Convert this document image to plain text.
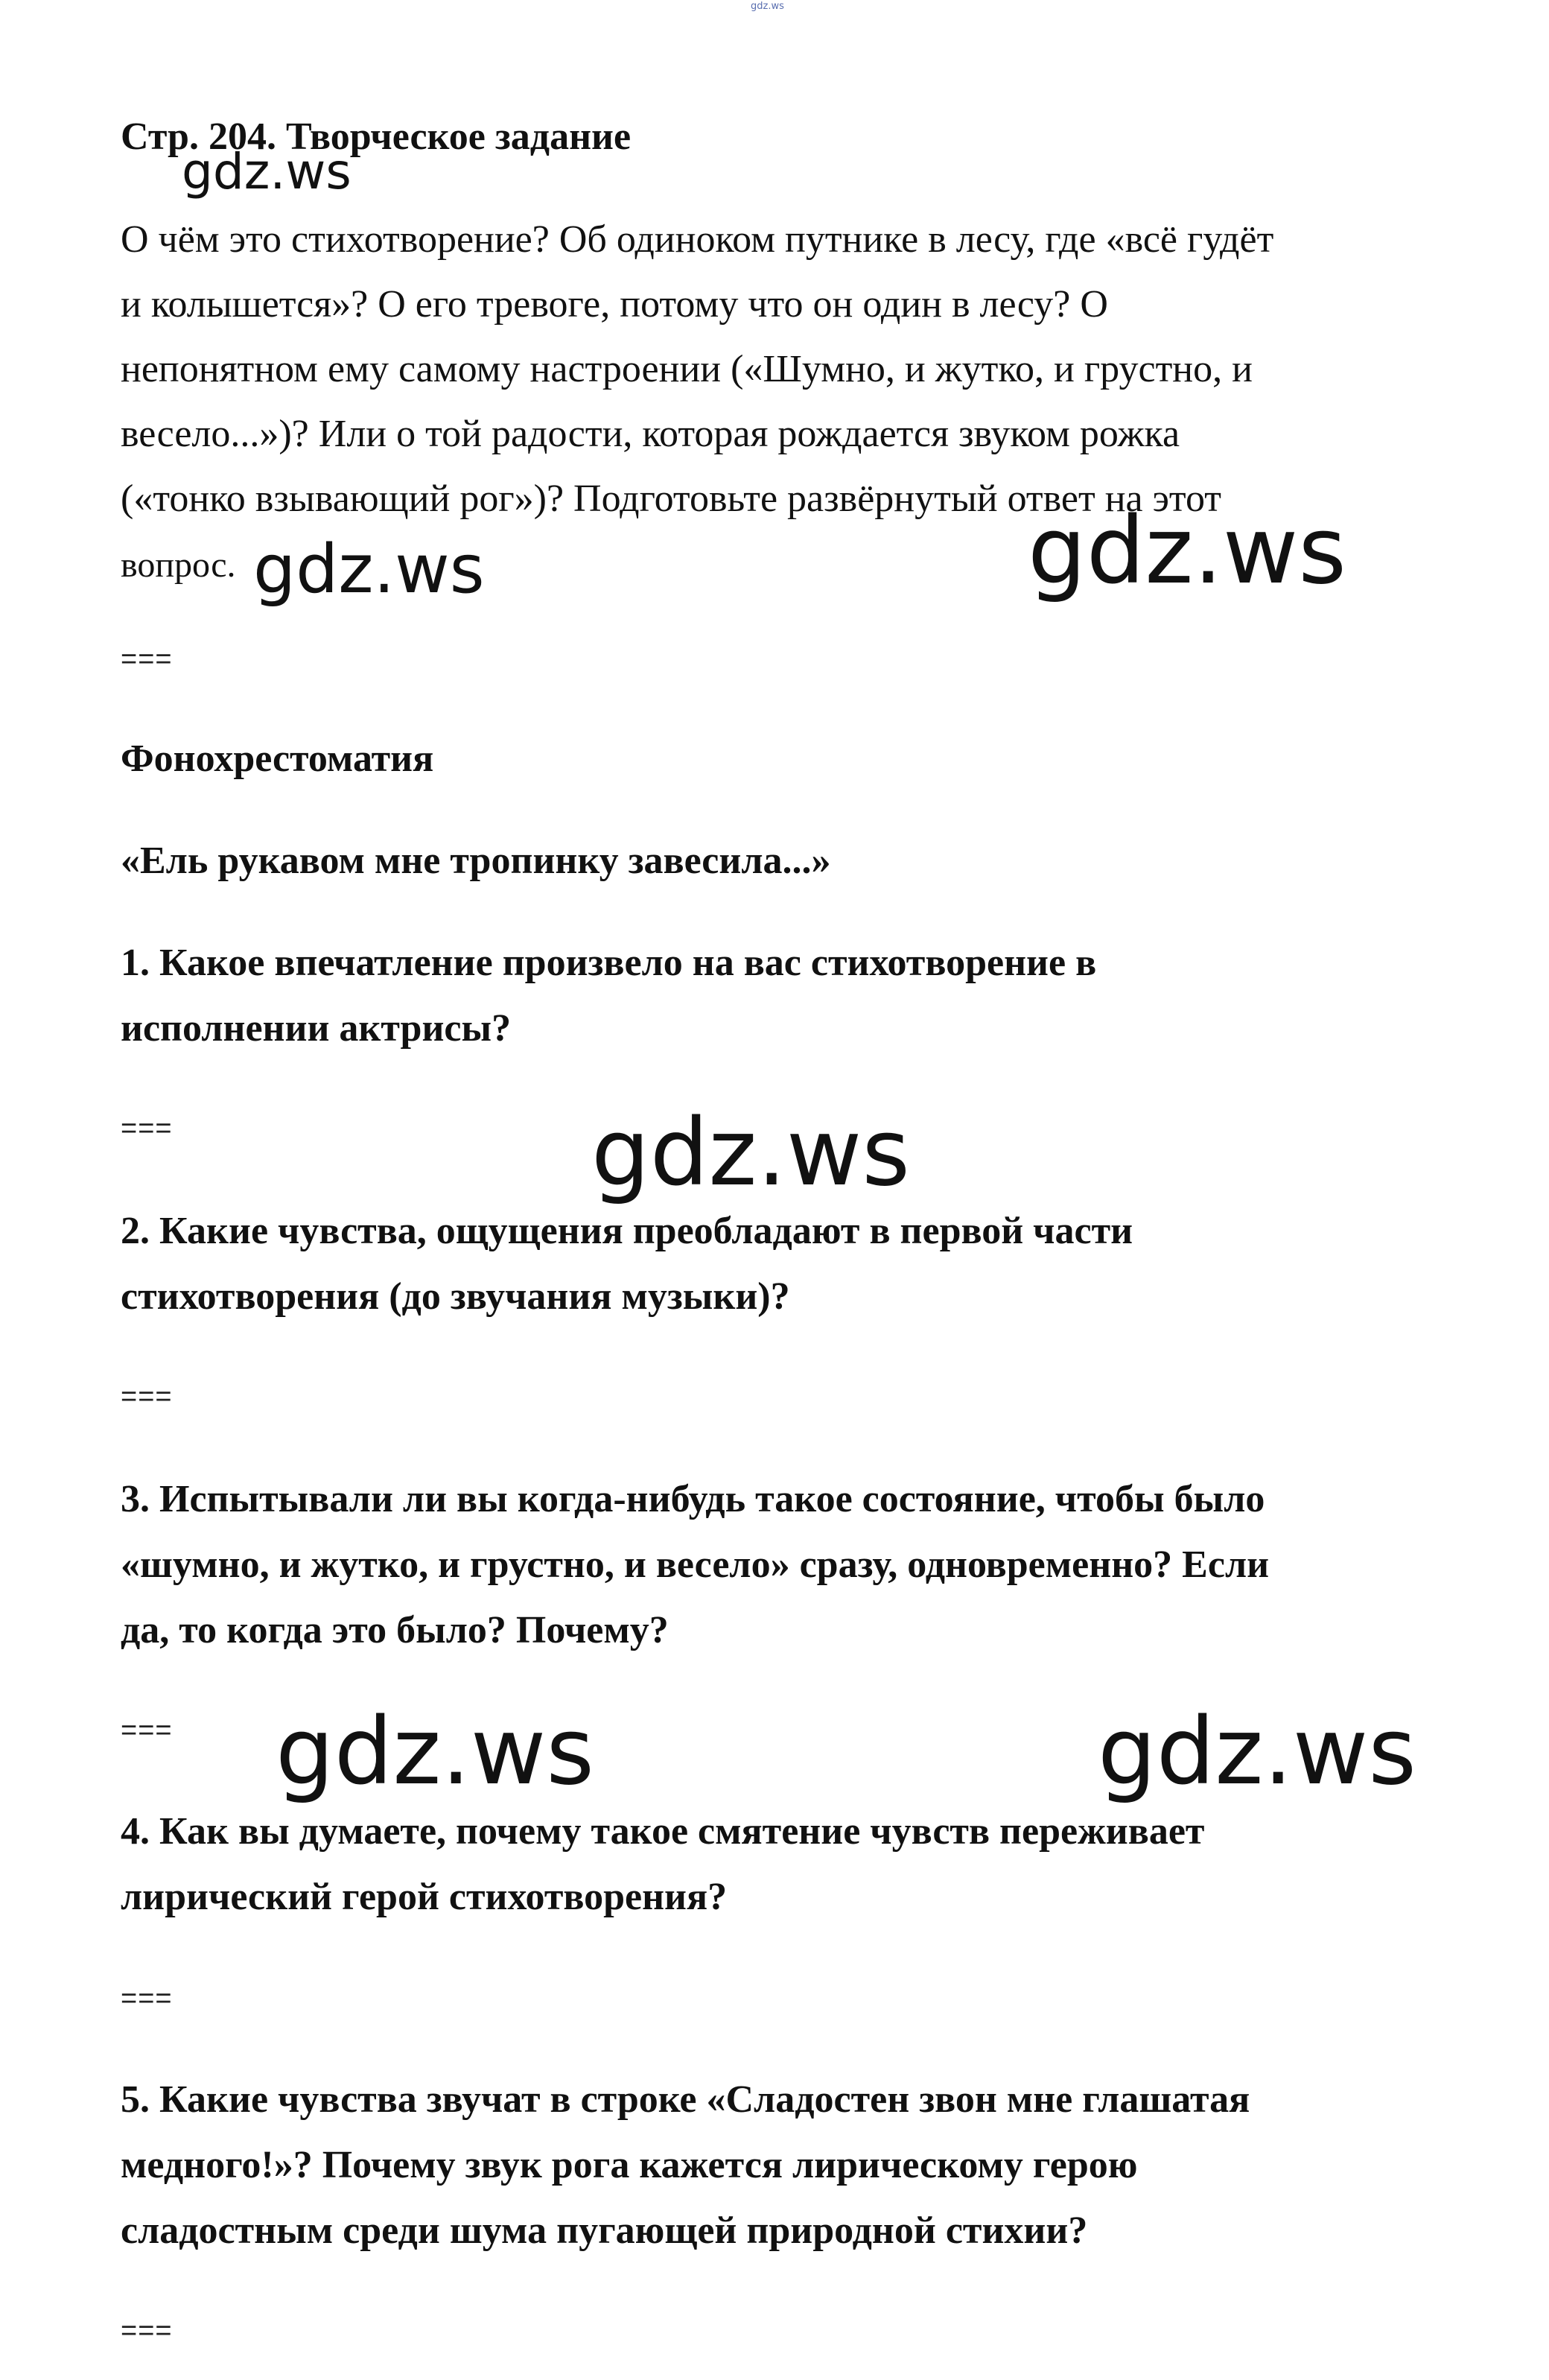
gdz.ws
Стр. 204. Творческое задание
О чём это стихотворение? Об одиноком путнике в лесу, где «всё гудёт
и колышется»? О его тревоге, потому что он один в лесу? О
непонятном ему самому настроении («Шумно, и жутко, и грустно, и
весело...»)? Или о той радости, которая рождается звуком рожка
(«тонко взывающий рог»)? Подготовьте развёрнутый ответ на этот
вопрос.
===
Фонохрестоматия
«Ель рукавом мне тропинку завесила...»
1. Какое впечатление произвело на вас стихотворение в
исполнении актрисы?
===
2. Какие чувства, ощущения преобладают в первой части
стихотворения (до звучания музыки)?
===
3. Испытывали ли вы когда-нибудь такое состояние, чтобы было
«шумно, и жутко, и грустно, и весело» сразу, одновременно? Если
да, то когда это было? Почему?
===
4. Как вы думаете, почему такое смятение чувств переживает
лирический герой стихотворения?
===
5. Какие чувства звучат в строке «Сладостен звон мне глашатая
медного!»? Почему звук рога кажется лирическому герою
сладостным среди шума пугающей природной стихии?
===
gdz.ws
gdz.ws	gdz.ws
gdz.ws
gdz.ws	gdz.ws
